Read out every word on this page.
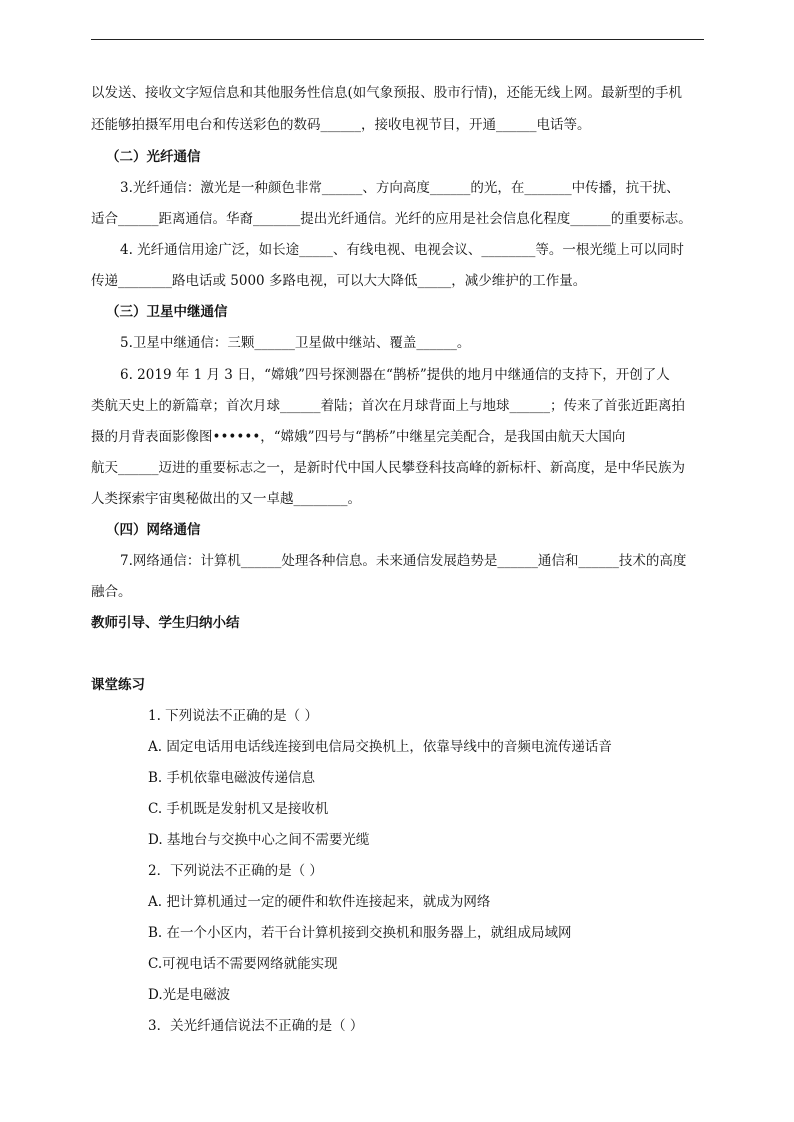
以发送、接收文字短信息和其他服务性信息(如气象预报、股市行情)，还能无线上网。最新型的手机
还能够拍摄军用电台和传送彩色的数码______，接收电视节目，开通______电话等。
（二）光纤通信
3.光纤通信：激光是一种颜色非常______、方向高度______的光，在_______中传播，抗干扰、
适合______距离通信。华裔_______提出光纤通信。光纤的应用是社会信息化程度______的重要标志。
4. 光纤通信用途广泛，如长途_____、有线电视、电视会议、________等。一根光缆上可以同时
传递________路电话或 5000 多路电视，可以大大降低_____，减少维护的工作量。
（三）卫星中继通信
5.卫星中继通信：三颗______卫星做中继站、覆盖______。
6. 2019 年 1 月 3 日，“嫦娥”四号探测器在“鹊桥”提供的地月中继通信的支持下，开创了人
类航天史上的新篇章；首次月球______着陆；首次在月球背面上与地球______；传来了首张近距离拍
摄的月背表面影像图••••••，“嫦娥”四号与“鹊桥”中继星完美配合，是我国由航天大国向
航天______迈进的重要标志之一，是新时代中国人民攀登科技高峰的新标杆、新高度，是中华民族为
人类探索宇宙奥秘做出的又一卓越________。
（四）网络通信
7.网络通信：计算机______处理各种信息。未来通信发展趋势是______通信和______技术的高度
融合。
教师引导、学生归纳小结
课堂练习
1. 下列说法不正确的是（ ）
A. 固定电话用电话线连接到电信局交换机上，依靠导线中的音频电流传递话音
B. 手机依靠电磁波传递信息
C. 手机既是发射机又是接收机
D. 基地台与交换中心之间不需要光缆
2．下列说法不正确的是（ ）
A. 把计算机通过一定的硬件和软件连接起来，就成为网络
B. 在一个小区内，若干台计算机接到交换机和服务器上，就组成局域网
C.可视电话不需要网络就能实现
D.光是电磁波
3．关光纤通信说法不正确的是（ ）
